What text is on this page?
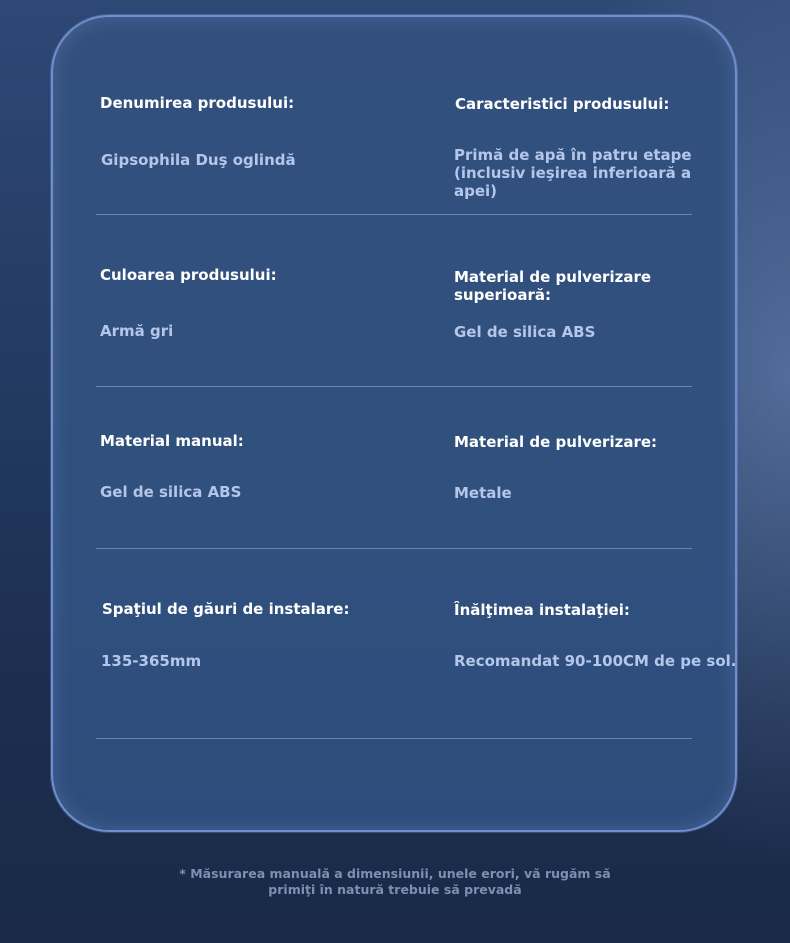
Denumirea produsului:
Gipsophila Duş oglindă
Caracteristici produsului:
Primă de apă în patru etape
(inclusiv ieşirea inferioară a
apei)
Culoarea produsului:
Armă gri
Material de pulverizare
superioară:
Gel de silica ABS
Material manual:
Gel de silica ABS
Material de pulverizare:
Metale
Spaţiul de găuri de instalare:
135-365mm
Înălţimea instalaţiei:
Recomandat 90-100CM de pe sol.
* Măsurarea manuală a dimensiunii, unele erori, vă rugăm să
primiţi în natură trebuie să prevadă
